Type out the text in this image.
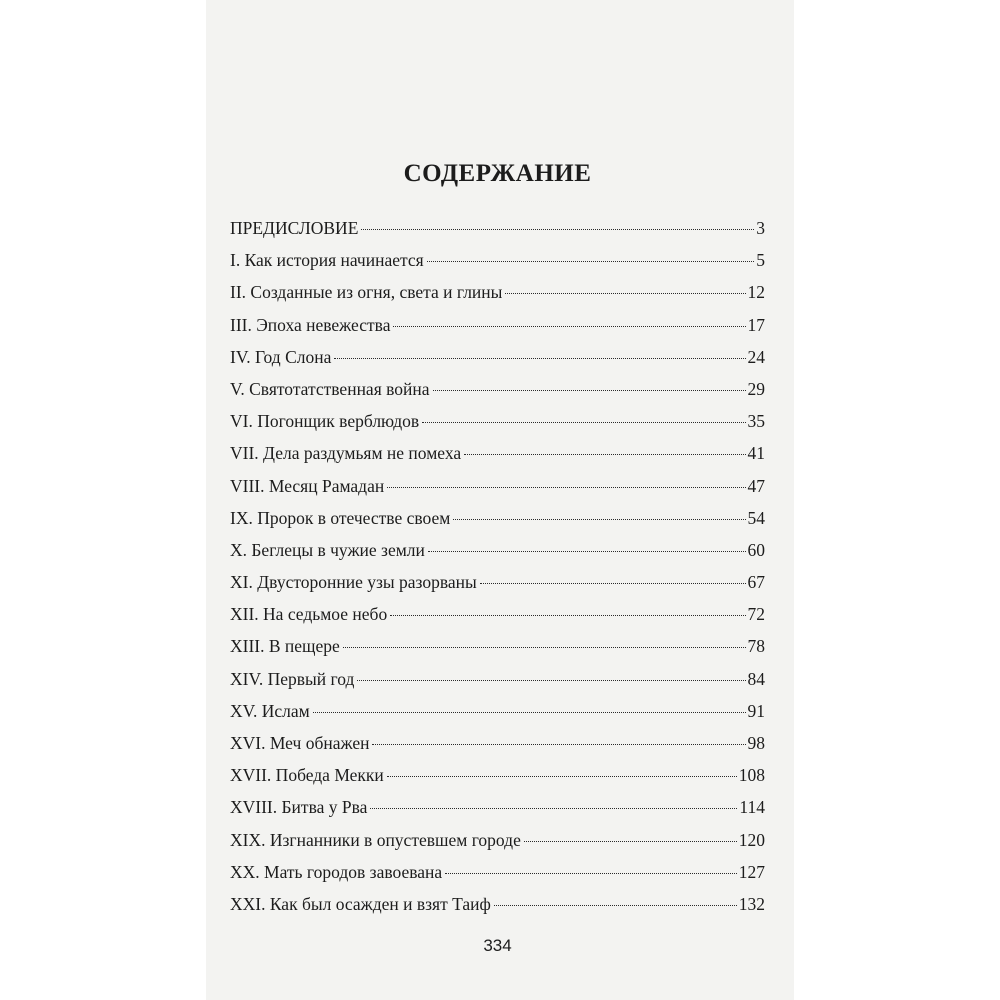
СОДЕРЖАНИЕ
ПРЕДИСЛОВИЕ	3
I. Как история начинается	5
II. Созданные из огня, света и глины	12
III. Эпоха невежества	17
IV. Год Слона	24
V. Святотатственная война	29
VI. Погонщик верблюдов	35
VII. Дела раздумьям не помеха	41
VIII. Месяц Рамадан	47
IX. Пророк в отечестве своем	54
X. Беглецы в чужие земли	60
XI. Двусторонние узы разорваны	67
XII. На седьмое небо	72
XIII. В пещере	78
XIV. Первый год	84
XV. Ислам	91
XVI. Меч обнажен	98
XVII. Победа Мекки	108
XVIII. Битва у Рва	114
XIX. Изгнанники в опустевшем городе	120
XX. Мать городов завоевана	127
XXI. Как был осажден и взят Таиф	132
334
